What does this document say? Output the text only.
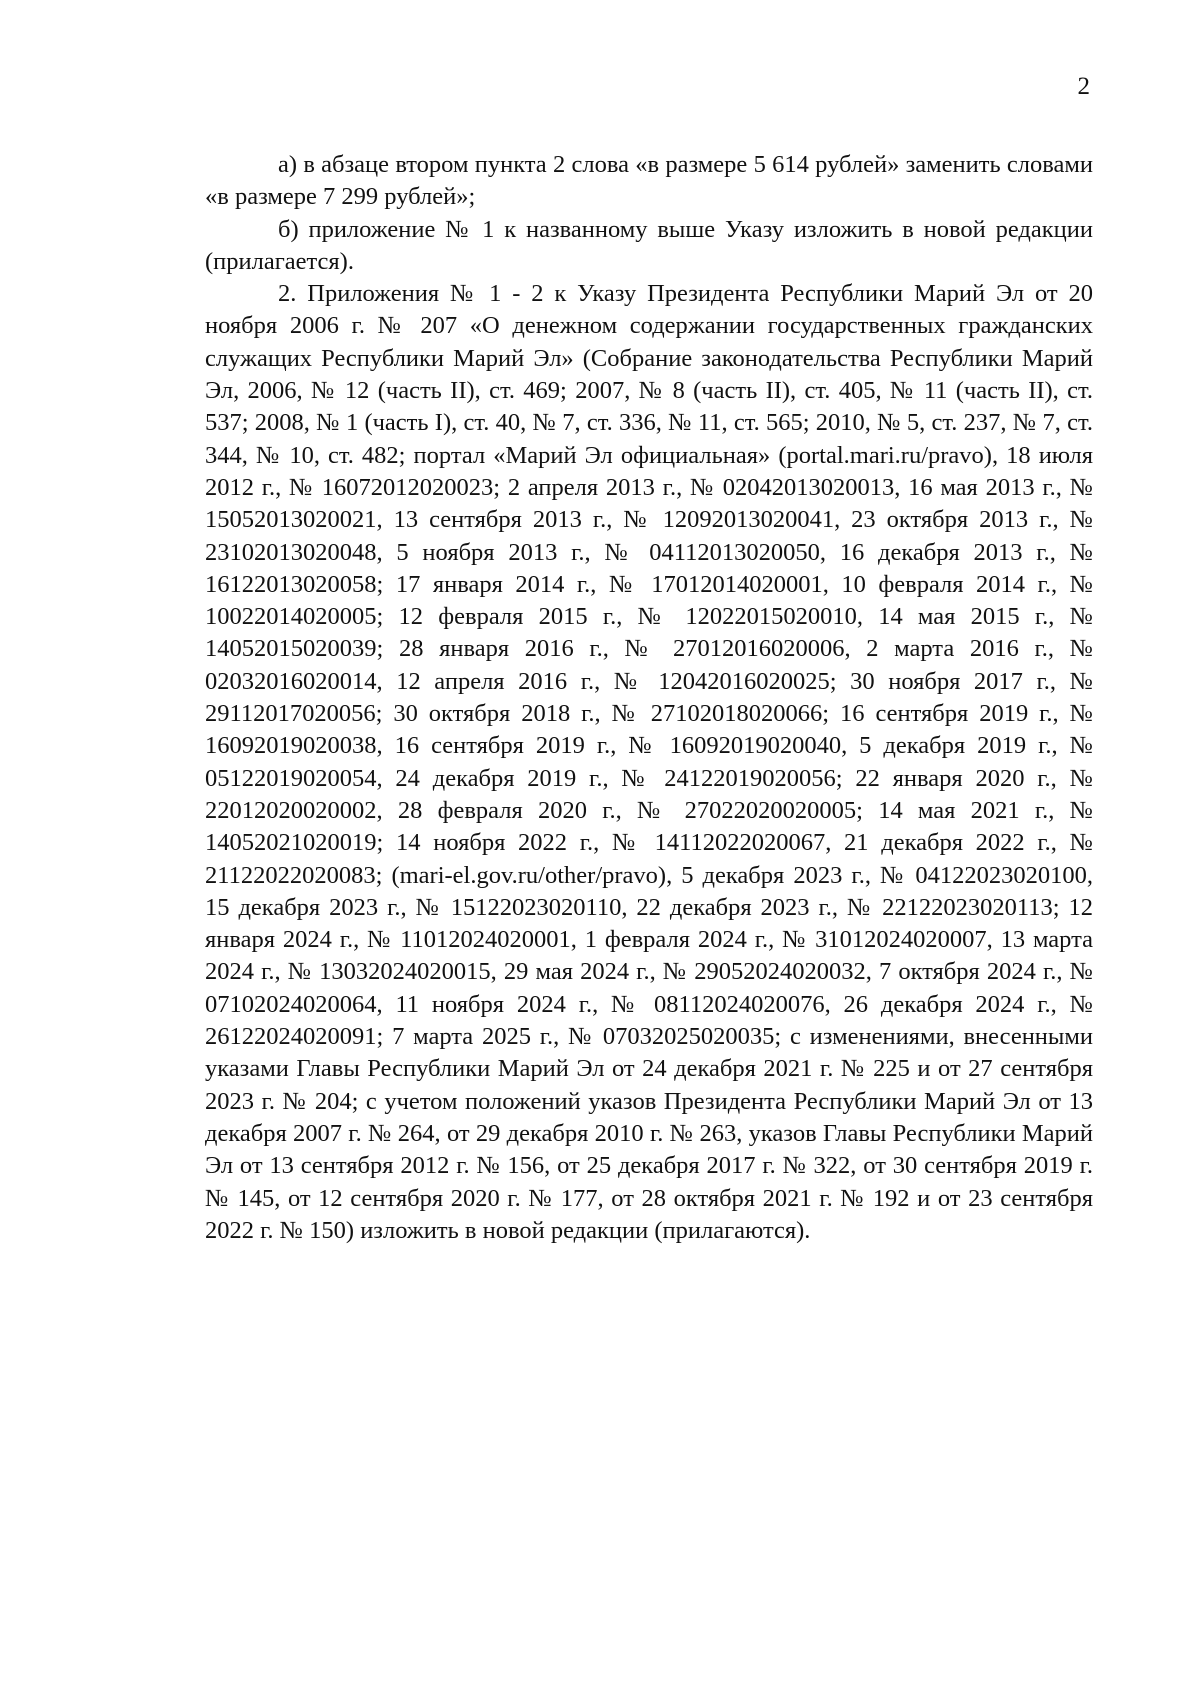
2

а) в абзаце втором пункта 2 слова «в размере 5 614 рублей» заменить словами «в размере 7 299 рублей»;

б) приложение № 1 к названному выше Указу изложить в новой редакции (прилагается).

2. Приложения № 1 - 2 к Указу Президента Республики Марий Эл от 20 ноября 2006 г. № 207 «О денежном содержании государственных гражданских служащих Республики Марий Эл» (Собрание законодательства Республики Марий Эл, 2006, № 12 (часть II), ст. 469; 2007, № 8 (часть II), ст. 405, № 11 (часть II), ст. 537; 2008, № 1 (часть I), ст. 40, № 7, ст. 336, № 11, ст. 565; 2010, № 5, ст. 237, № 7, ст. 344, № 10, ст. 482; портал «Марий Эл официальная» (portal.mari.ru/pravo), 18 июля 2012 г., № 16072012020023; 2 апреля 2013 г., № 02042013020013, 16 мая 2013 г., № 15052013020021, 13 сентября 2013 г., № 12092013020041, 23 октября 2013 г., № 23102013020048, 5 ноября 2013 г., № 04112013020050, 16 декабря 2013 г., № 16122013020058; 17 января 2014 г., № 17012014020001, 10 февраля 2014 г., № 10022014020005; 12 февраля 2015 г., № 12022015020010, 14 мая 2015 г., № 14052015020039; 28 января 2016 г., № 27012016020006, 2 марта 2016 г., № 02032016020014, 12 апреля 2016 г., № 12042016020025; 30 ноября 2017 г., № 29112017020056; 30 октября 2018 г., № 27102018020066; 16 сентября 2019 г., № 16092019020038, 16 сентября 2019 г., № 16092019020040, 5 декабря 2019 г., № 05122019020054, 24 декабря 2019 г., № 24122019020056; 22 января 2020 г., № 22012020020002, 28 февраля 2020 г., № 27022020020005; 14 мая 2021 г., № 14052021020019; 14 ноября 2022 г., № 14112022020067, 21 декабря 2022 г., № 21122022020083; (mari-el.gov.ru/other/pravo), 5 декабря 2023 г., № 04122023020100, 15 декабря 2023 г., № 15122023020110, 22 декабря 2023 г., № 22122023020113; 12 января 2024 г., № 11012024020001, 1 февраля 2024 г., № 31012024020007, 13 марта 2024 г., № 13032024020015, 29 мая 2024 г., № 29052024020032, 7 октября 2024 г., № 07102024020064, 11 ноября 2024 г., № 08112024020076, 26 декабря 2024 г., № 26122024020091; 7 марта 2025 г., № 07032025020035; с изменениями, внесенными указами Главы Республики Марий Эл от 24 декабря 2021 г. № 225 и от 27 сентября 2023 г. № 204; с учетом положений указов Президента Республики Марий Эл от 13 декабря 2007 г. № 264, от 29 декабря 2010 г. № 263, указов Главы Республики Марий Эл от 13 сентября 2012 г. № 156, от 25 декабря 2017 г. № 322, от 30 сентября 2019 г. № 145, от 12 сентября 2020 г. № 177, от 28 октября 2021 г. № 192 и от 23 сентября 2022 г. № 150) изложить в новой редакции (прилагаются).
